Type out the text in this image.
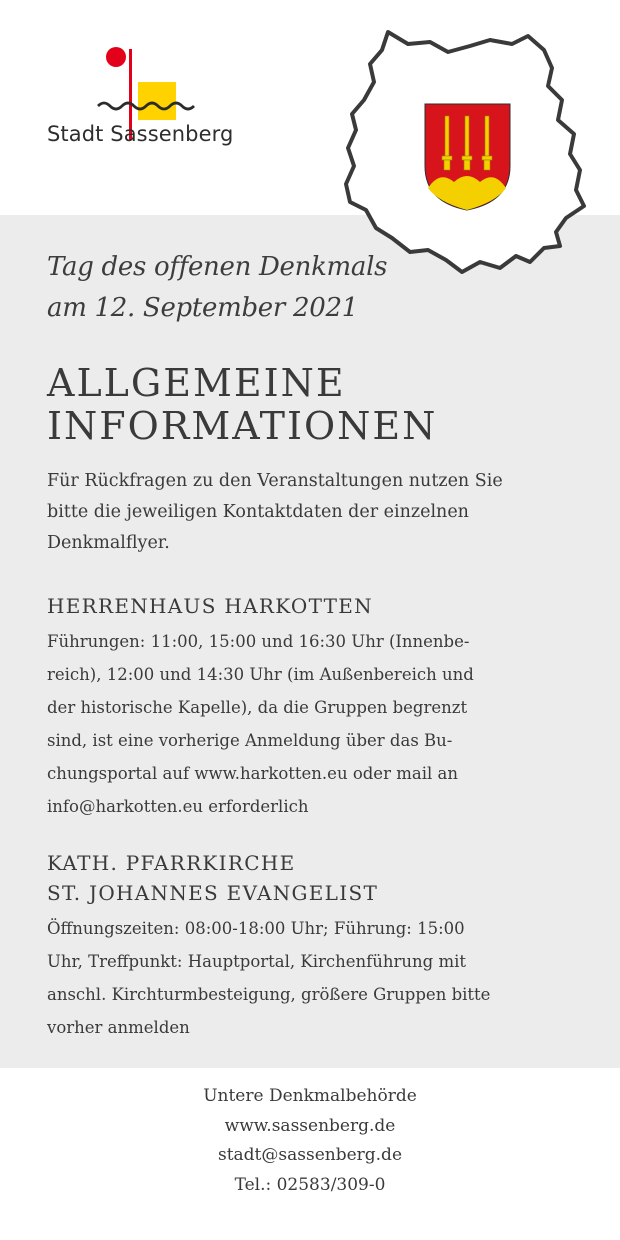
Stadt Sassenberg
Tag des offenen Denkmals
am 12. September 2021
ALLGEMEINE
INFORMATIONEN

Für Rückfragen zu den Veranstaltungen nutzen Sie
bitte die jeweiligen Kontaktdaten der einzelnen
Denkmalflyer.

HERRENHAUS HARKOTTEN

Führungen: 11:00, 15:00 und 16:30 Uhr (Innenbe-
reich), 12:00 und 14:30 Uhr (im Außenbereich und
der historische Kapelle), da die Gruppen begrenzt
sind, ist eine vorherige Anmeldung über das Bu-
chungsportal auf www.harkotten.eu oder mail an
info@harkotten.eu erforderlich

KATH. PFARRKIRCHE
ST. JOHANNES EVANGELIST

Öffnungszeiten: 08:00-18:00 Uhr; Führung: 15:00
Uhr, Treffpunkt: Hauptportal, Kirchenführung mit
anschl. Kirchturmbesteigung, größere Gruppen bitte
vorher anmelden

Untere Denkmalbehörde
www.sassenberg.de
stadt@sassenberg.de
Tel.: 02583/309-0
